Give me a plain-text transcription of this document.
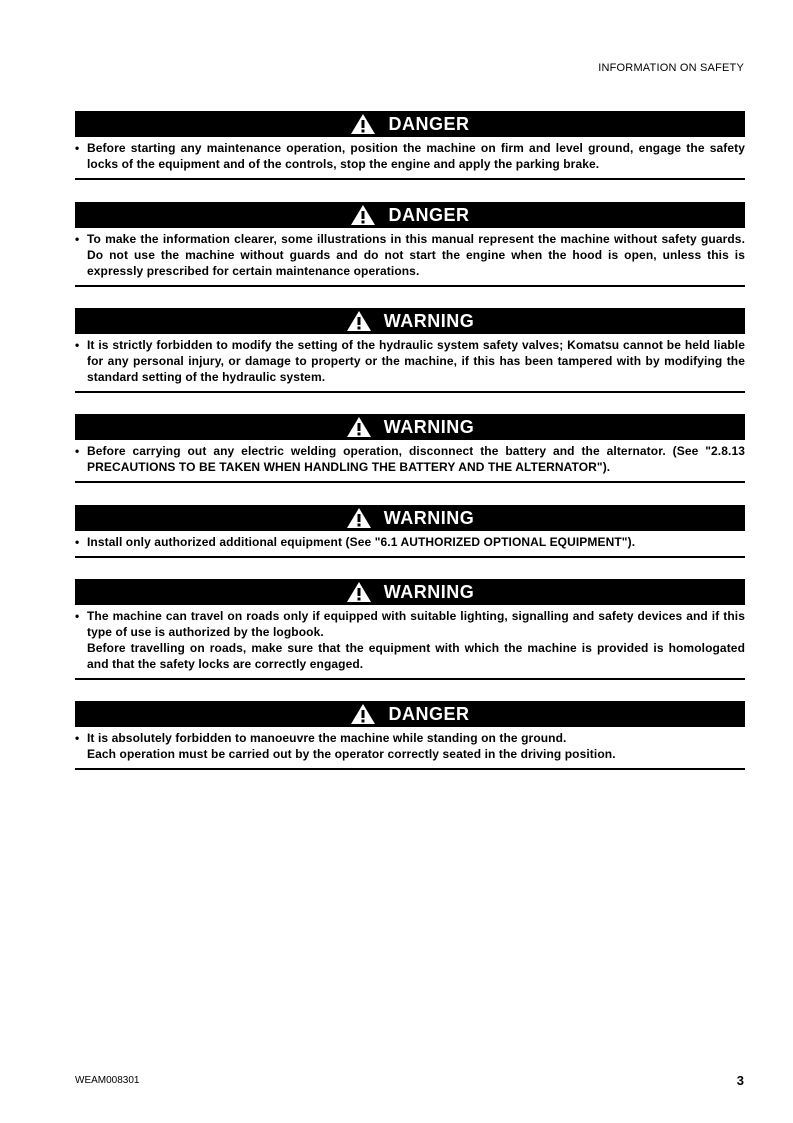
INFORMATION ON SAFETY
DANGER
• Before starting any maintenance operation, position the machine on firm and level ground, engage the safety locks of the equipment and of the controls, stop the engine and apply the parking brake.

DANGER
• To make the information clearer, some illustrations in this manual represent the machine without safety guards. Do not use the machine without guards and do not start the engine when the hood is open, unless this is expressly prescribed for certain maintenance operations.

WARNING
• It is strictly forbidden to modify the setting of the hydraulic system safety valves; Komatsu cannot be held liable for any personal injury, or damage to property or the machine, if this has been tampered with by modifying the standard setting of the hydraulic system.

WARNING
• Before carrying out any electric welding operation, disconnect the battery and the alternator. (See "2.8.13 PRECAUTIONS TO BE TAKEN WHEN HANDLING THE BATTERY AND THE ALTERNATOR").

WARNING
• Install only authorized additional equipment (See "6.1 AUTHORIZED OPTIONAL EQUIPMENT").

WARNING
• The machine can travel on roads only if equipped with suitable lighting, signalling and safety devices and if this type of use is authorized by the logbook.

Before travelling on roads, make sure that the equipment with which the machine is provided is homologated and that the safety locks are correctly engaged.

DANGER
• It is absolutely forbidden to manoeuvre the machine while standing on the ground.

Each operation must be carried out by the operator correctly seated in the driving position.

WEAM008301	3
